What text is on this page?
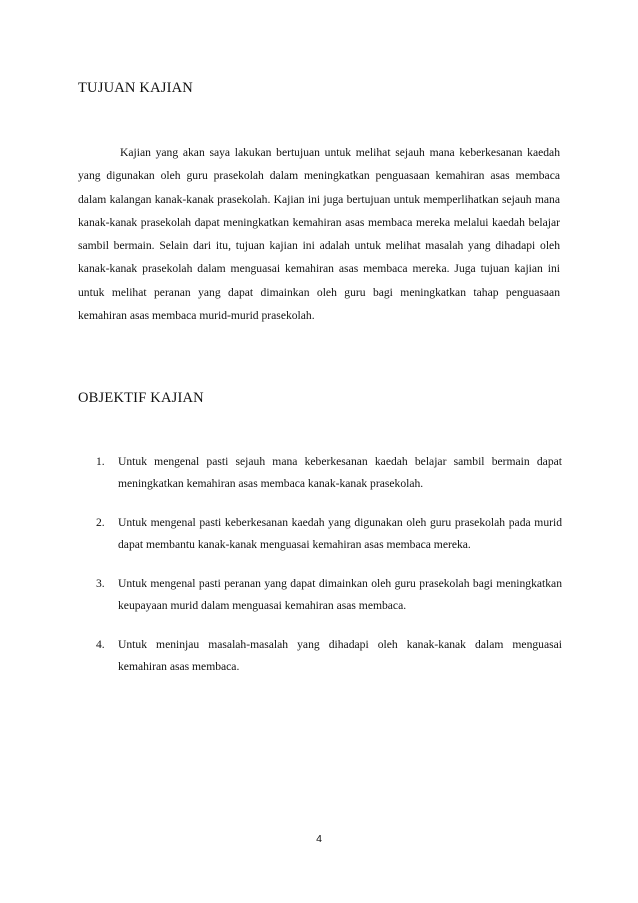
TUJUAN KAJIAN

Kajian yang akan saya lakukan bertujuan untuk melihat sejauh mana keberkesanan kaedah yang digunakan oleh guru prasekolah dalam meningkatkan penguasaan kemahiran asas membaca dalam kalangan kanak-kanak prasekolah. Kajian ini juga bertujuan untuk memperlihatkan sejauh mana kanak-kanak prasekolah dapat meningkatkan kemahiran asas membaca mereka melalui kaedah belajar sambil bermain. Selain dari itu, tujuan kajian ini adalah untuk melihat masalah yang dihadapi oleh kanak-kanak prasekolah dalam menguasai kemahiran asas membaca mereka. Juga tujuan kajian ini untuk melihat peranan yang dapat dimainkan oleh guru bagi meningkatkan tahap penguasaan kemahiran asas membaca murid-murid prasekolah.

OBJEKTIF KAJIAN
1. Untuk mengenal pasti sejauh mana keberkesanan kaedah belajar sambil bermain dapat meningkatkan kemahiran asas membaca kanak-kanak prasekolah.
2. Untuk mengenal pasti keberkesanan kaedah yang digunakan oleh guru prasekolah pada murid dapat membantu kanak-kanak menguasai kemahiran asas membaca mereka.
3. Untuk mengenal pasti peranan yang dapat dimainkan oleh guru prasekolah bagi meningkatkan keupayaan murid dalam menguasai kemahiran asas membaca.
4. Untuk meninjau masalah-masalah yang dihadapi oleh kanak-kanak dalam menguasai kemahiran asas membaca.
4
